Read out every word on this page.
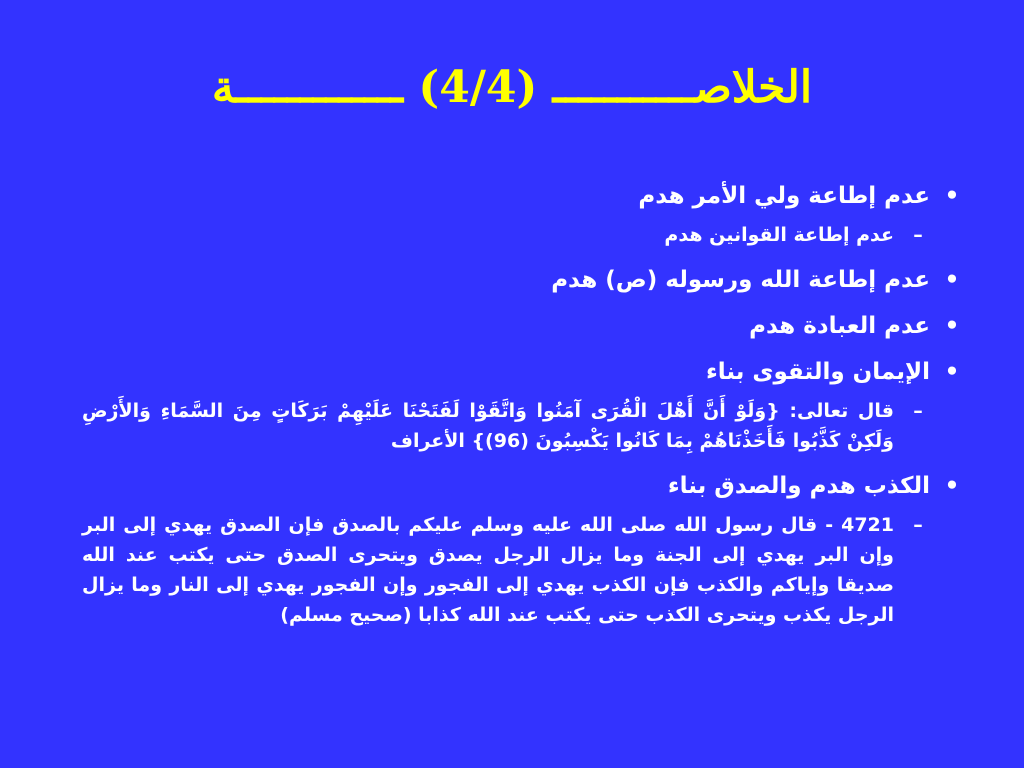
الخلاصـــــــــــ (4/4) ـــــــــــــة
•
عدم إطاعة ولي الأمر هدم
–
عدم إطاعة القوانين هدم
•
عدم إطاعة الله ورسوله (ص) هدم
•
عدم العبادة هدم
•
الإيمان والتقوى بناء
–
قال تعالى: {وَلَوْ أَنَّ أَهْلَ الْقُرَى آمَنُوا وَاتَّقَوْا لَفَتَحْنَا عَلَيْهِمْ بَرَكَاتٍ مِنَ السَّمَاءِ وَالأَرْضِ وَلَكِنْ كَذَّبُوا فَأَخَذْنَاهُمْ بِمَا كَانُوا يَكْسِبُونَ (96)} الأعراف
•
الكذب هدم والصدق بناء
–
4721 - قال رسول الله صلى الله عليه وسلم عليكم بالصدق فإن الصدق يهدي إلى البر وإن البر يهدي إلى الجنة وما يزال الرجل يصدق ويتحرى الصدق حتى يكتب عند الله صديقا وإياكم والكذب فإن الكذب يهدي إلى الفجور وإن الفجور يهدي إلى النار وما يزال الرجل يكذب ويتحرى الكذب حتى يكتب عند الله كذابا (صحيح مسلم)
